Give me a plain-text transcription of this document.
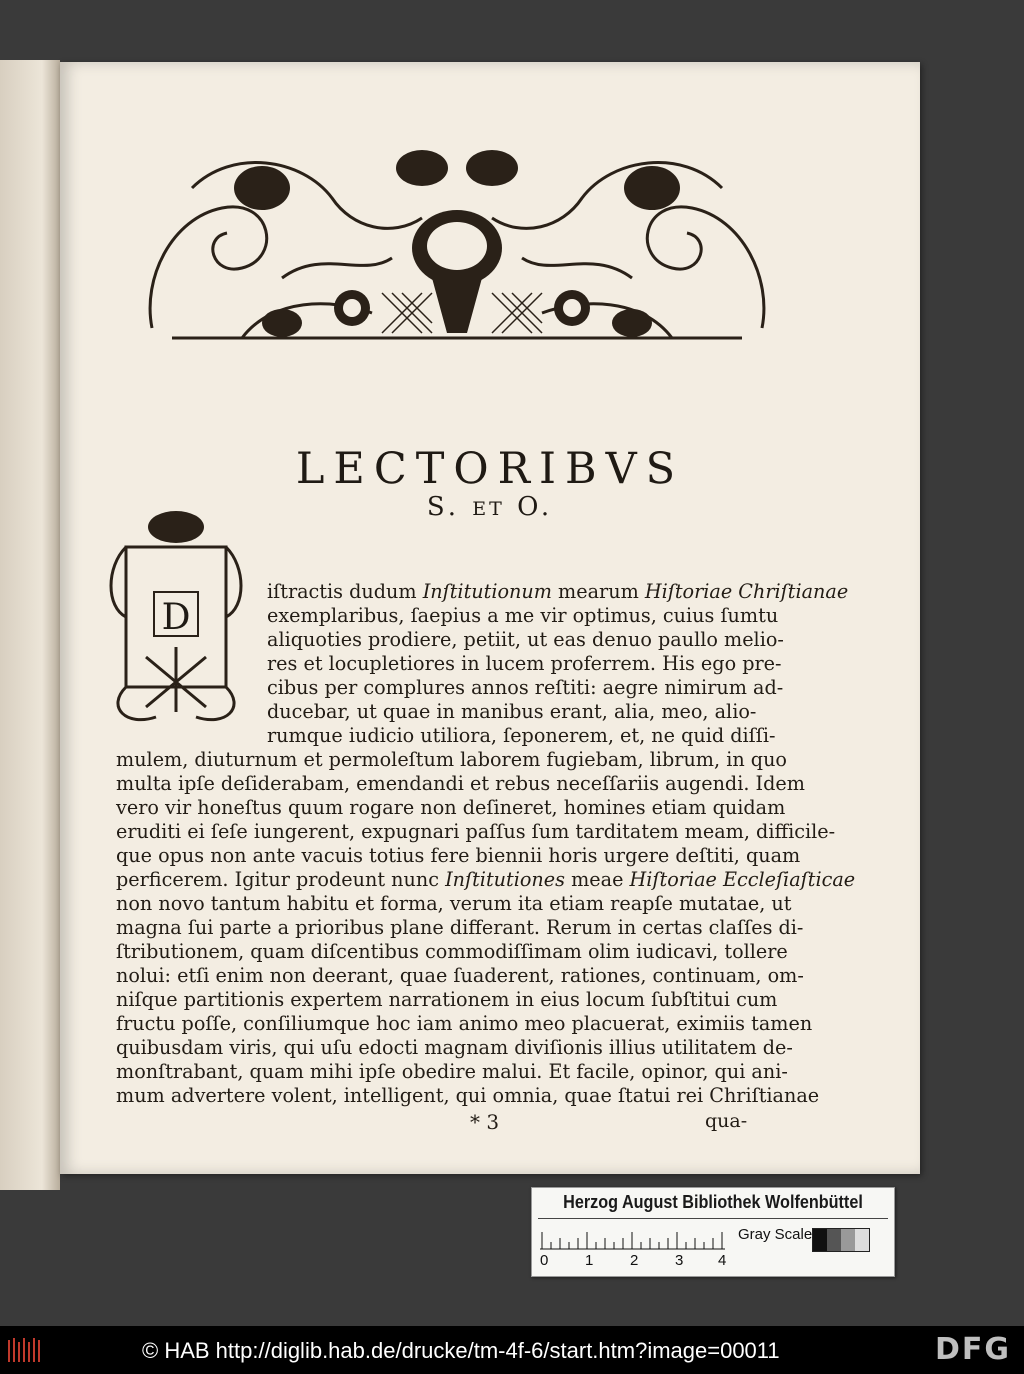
LECTORIBVS
S. ET O.
D
iſtractis dudum Inſtitutionum mearum Hiſtoriae Chriſtianae
exemplaribus, ſaepius a me vir optimus, cuius ſumtu
aliquoties prodiere, petiit, ut eas denuo paullo melio-
res et locupletiores in lucem proferrem. His ego pre-
cibus per complures annos reſtiti: aegre nimirum ad-
ducebar, ut quae in manibus erant, alia, meo, alio-
rumque iudicio utiliora, ſeponerem, et, ne quid diſſi-
mulem, diuturnum et permoleſtum laborem fugiebam, librum, in quo
multa ipſe deſiderabam, emendandi et rebus neceſſariis augendi. Idem
vero vir honeſtus quum rogare non deſineret, homines etiam quidam
eruditi ei ſeſe iungerent, expugnari paſſus ſum tarditatem meam, difficile-
que opus non ante vacuis totius fere biennii horis urgere deſtiti, quam
perficerem. Igitur prodeunt nunc Inſtitutiones meae Hiſtoriae Eccleſiaſticae
non novo tantum habitu et forma, verum ita etiam reapſe mutatae, ut
magna ſui parte a prioribus plane differant. Rerum in certas claſſes di-
ſtributionem, quam diſcentibus commodiſſimam olim iudicavi, tollere
nolui: etſi enim non deerant, quae ſuaderent, rationes, continuam, om-
niſque partitionis expertem narrationem in eius locum ſubſtitui cum
fructu poſſe, conſiliumque hoc iam animo meo placuerat, eximiis tamen
quibusdam viris, qui uſu edocti magnam diviſionis illius utilitatem de-
monſtrabant, quam mihi ipſe obedire malui. Et facile, opinor, qui ani-
mum advertere volent, intelligent, qui omnia, quae ſtatui rei Chriſtianae
* 3	qua-
Herzog August Bibliothek Wolfenbüttel
0 1 2 3 4
Gray Scale
© HAB http://diglib.hab.de/drucke/tm-4f-6/start.htm?image=00011	DFG
